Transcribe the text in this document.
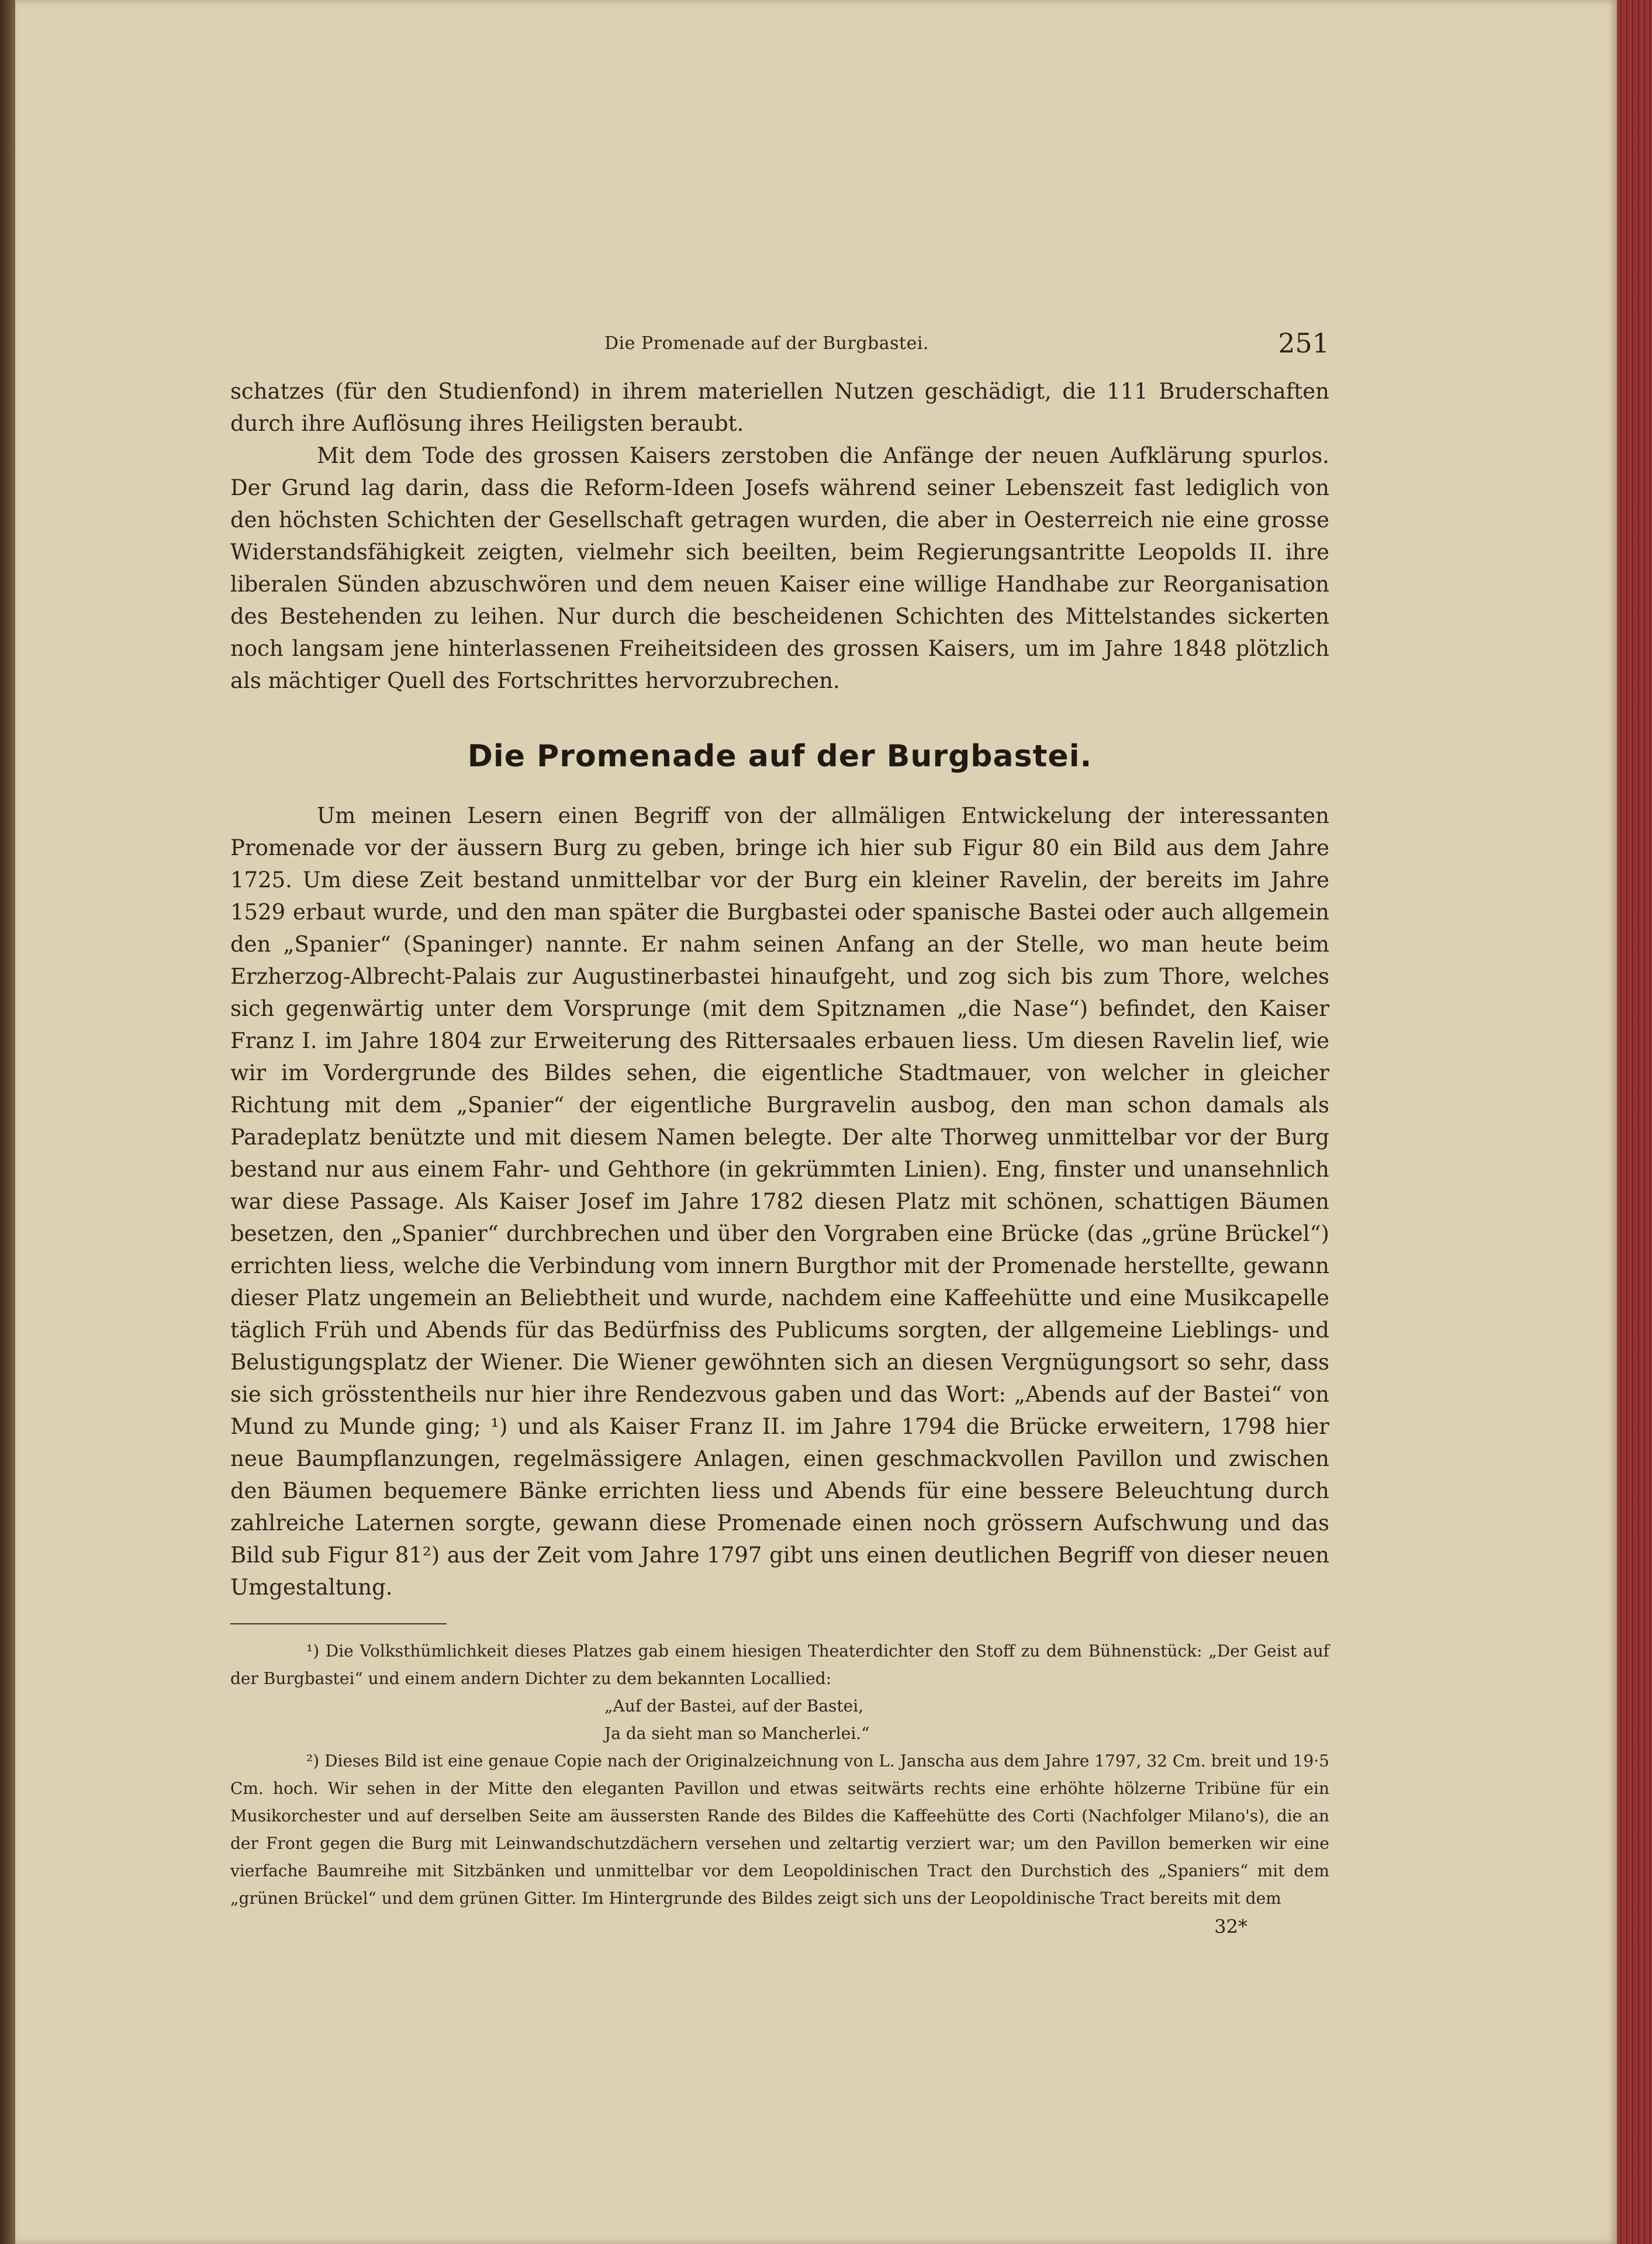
Die Promenade auf der Burgbastei.	251

schatzes (für den Studienfond) in ihrem materiellen Nutzen geschädigt, die 111 Bruderschaften durch ihre Auflösung ihres Heiligsten beraubt.

Mit dem Tode des grossen Kaisers zerstoben die Anfänge der neuen Aufklärung spurlos. Der Grund lag darin, dass die Reform-Ideen Josefs während seiner Lebenszeit fast lediglich von den höchsten Schichten der Gesellschaft getragen wurden, die aber in Oesterreich nie eine grosse Widerstandsfähigkeit zeigten, vielmehr sich beeilten, beim Regierungsantritte Leopolds II. ihre liberalen Sünden abzuschwören und dem neuen Kaiser eine willige Handhabe zur Reorganisation des Bestehenden zu leihen. Nur durch die bescheidenen Schichten des Mittelstandes sickerten noch langsam jene hinterlassenen Freiheitsideen des grossen Kaisers, um im Jahre 1848 plötzlich als mächtiger Quell des Fortschrittes hervorzubrechen.

Die Promenade auf der Burgbastei.

Um meinen Lesern einen Begriff von der allmäligen Entwickelung der interessanten Promenade vor der äussern Burg zu geben, bringe ich hier sub Figur 80 ein Bild aus dem Jahre 1725. Um diese Zeit bestand unmittelbar vor der Burg ein kleiner Ravelin, der bereits im Jahre 1529 erbaut wurde, und den man später die Burgbastei oder spanische Bastei oder auch allgemein den „Spanier“ (Spaninger) nannte. Er nahm seinen Anfang an der Stelle, wo man heute beim Erzherzog-Albrecht-Palais zur Augustinerbastei hinaufgeht, und zog sich bis zum Thore, welches sich gegenwärtig unter dem Vorsprunge (mit dem Spitznamen „die Nase“) befindet, den Kaiser Franz I. im Jahre 1804 zur Erweiterung des Rittersaales erbauen liess. Um diesen Ravelin lief, wie wir im Vordergrunde des Bildes sehen, die eigentliche Stadtmauer, von welcher in gleicher Richtung mit dem „Spanier“ der eigentliche Burgravelin ausbog, den man schon damals als Paradeplatz benützte und mit diesem Namen belegte. Der alte Thorweg unmittelbar vor der Burg bestand nur aus einem Fahr- und Gehthore (in gekrümmten Linien). Eng, finster und unansehnlich war diese Passage. Als Kaiser Josef im Jahre 1782 diesen Platz mit schönen, schattigen Bäumen besetzen, den „Spanier“ durchbrechen und über den Vorgraben eine Brücke (das „grüne Brückel“) errichten liess, welche die Verbindung vom innern Burgthor mit der Promenade herstellte, gewann dieser Platz ungemein an Beliebtheit und wurde, nachdem eine Kaffeehütte und eine Musikcapelle täglich Früh und Abends für das Bedürfniss des Publicums sorgten, der allgemeine Lieblings- und Belustigungsplatz der Wiener. Die Wiener gewöhnten sich an diesen Vergnügungsort so sehr, dass sie sich grösstentheils nur hier ihre Rendezvous gaben und das Wort: „Abends auf der Bastei“ von Mund zu Munde ging; ¹) und als Kaiser Franz II. im Jahre 1794 die Brücke erweitern, 1798 hier neue Baumpflanzungen, regelmässigere Anlagen, einen geschmackvollen Pavillon und zwischen den Bäumen bequemere Bänke errichten liess und Abends für eine bessere Beleuchtung durch zahlreiche Laternen sorgte, gewann diese Promenade einen noch grössern Aufschwung und das Bild sub Figur 81²) aus der Zeit vom Jahre 1797 gibt uns einen deutlichen Begriff von dieser neuen Umgestaltung.

¹) Die Volksthümlichkeit dieses Platzes gab einem hiesigen Theaterdichter den Stoff zu dem Bühnenstück: „Der Geist auf der Burgbastei“ und einem andern Dichter zu dem bekannten Locallied:

„Auf der Bastei, auf der Bastei,

Ja da sieht man so Mancherlei.“

²) Dieses Bild ist eine genaue Copie nach der Originalzeichnung von L. Janscha aus dem Jahre 1797, 32 Cm. breit und 19·5 Cm. hoch. Wir sehen in der Mitte den eleganten Pavillon und etwas seitwärts rechts eine erhöhte hölzerne Tribüne für ein Musikorchester und auf derselben Seite am äussersten Rande des Bildes die Kaffeehütte des Corti (Nachfolger Milano's), die an der Front gegen die Burg mit Leinwandschutzdächern versehen und zeltartig verziert war; um den Pavillon bemerken wir eine vierfache Baumreihe mit Sitzbänken und unmittelbar vor dem Leopoldinischen Tract den Durchstich des „Spaniers“ mit dem „grünen Brückel“ und dem grünen Gitter. Im Hintergrunde des Bildes zeigt sich uns der Leopoldinische Tract bereits mit dem

32*
